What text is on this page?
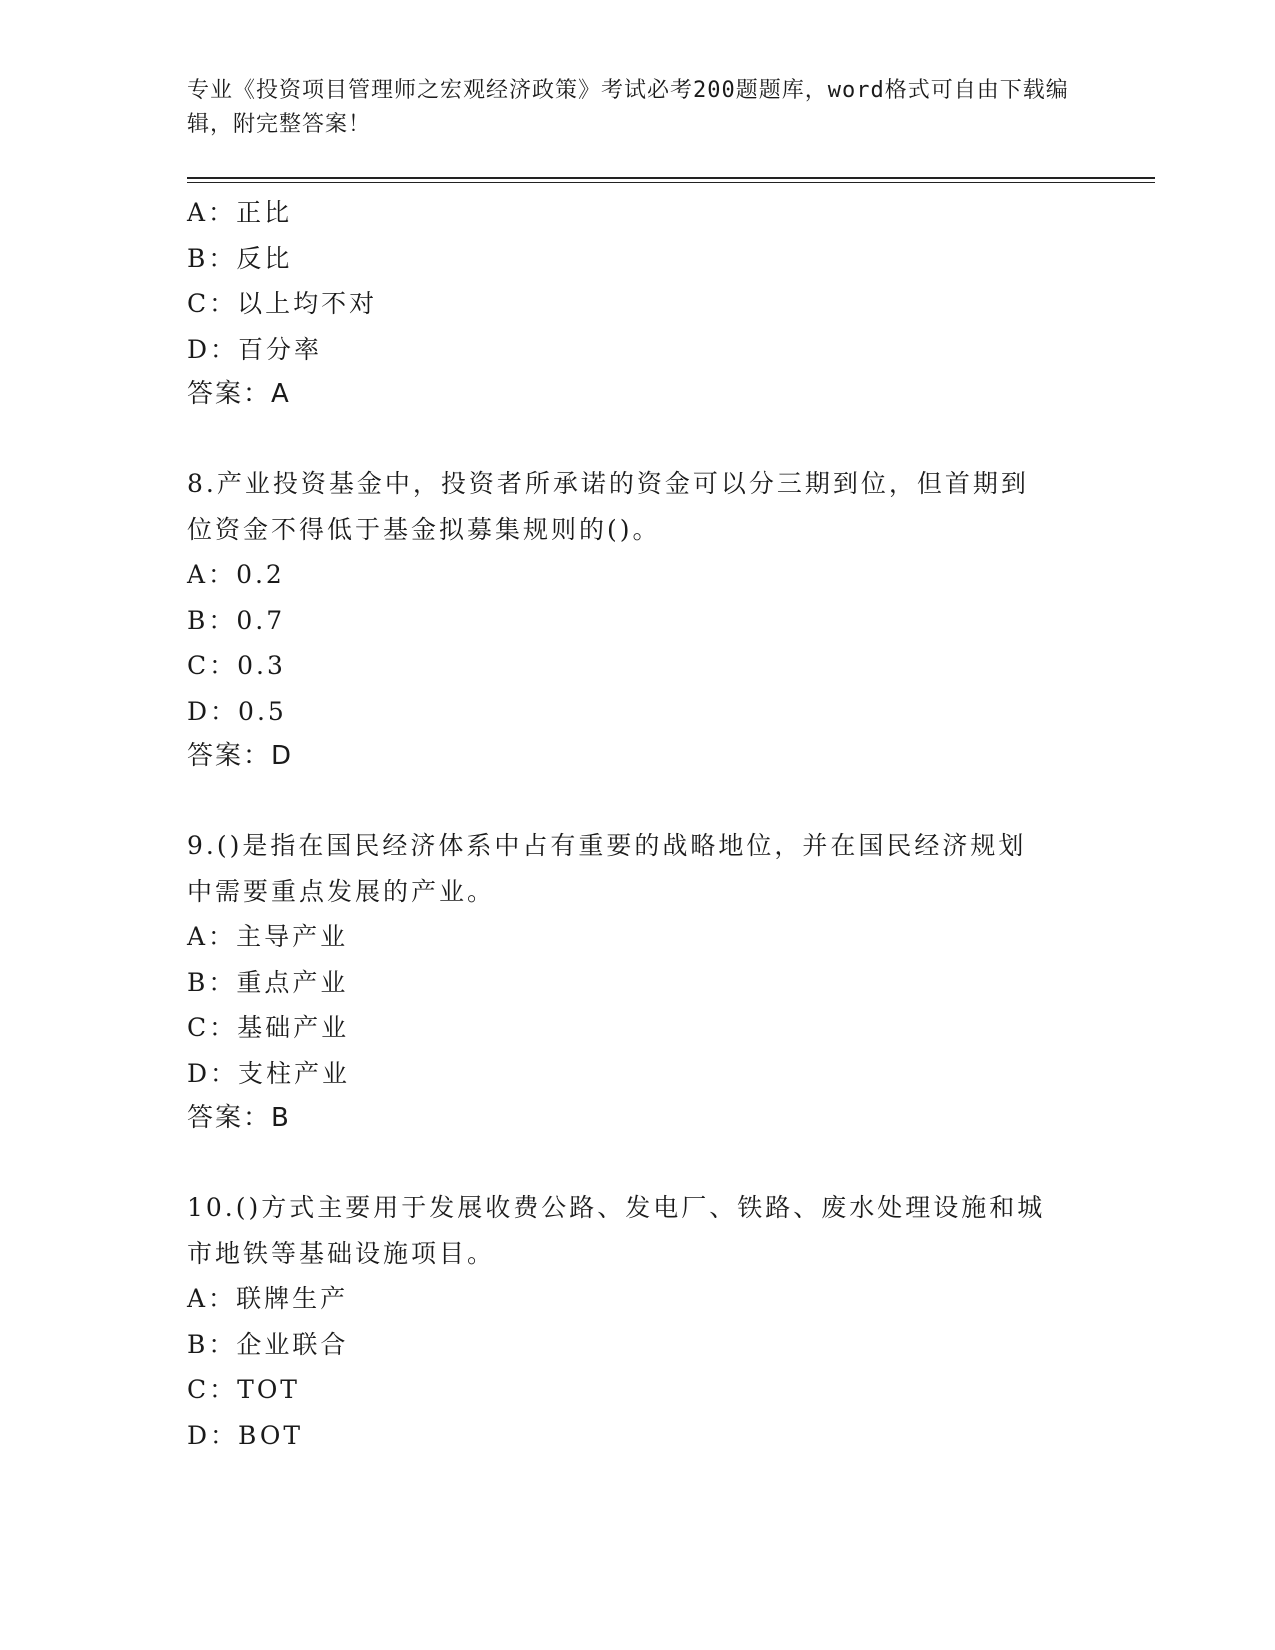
专业《投资项目管理师之宏观经济政策》考试必考200题题库，word格式可自由下载编辑，附完整答案！
A：正比
B：反比
C：以上均不对
D：百分率
答案：A
8.产业投资基金中，投资者所承诺的资金可以分三期到位，但首期到
位资金不得低于基金拟募集规则的()。
A：0.2
B：0.7
C：0.3
D：0.5
答案：D
9.()是指在国民经济体系中占有重要的战略地位，并在国民经济规划
中需要重点发展的产业。
A：主导产业
B：重点产业
C：基础产业
D：支柱产业
答案：B
10.()方式主要用于发展收费公路、发电厂、铁路、废水处理设施和城
市地铁等基础设施项目。
A：联牌生产
B：企业联合
C：TOT
D：BOT
